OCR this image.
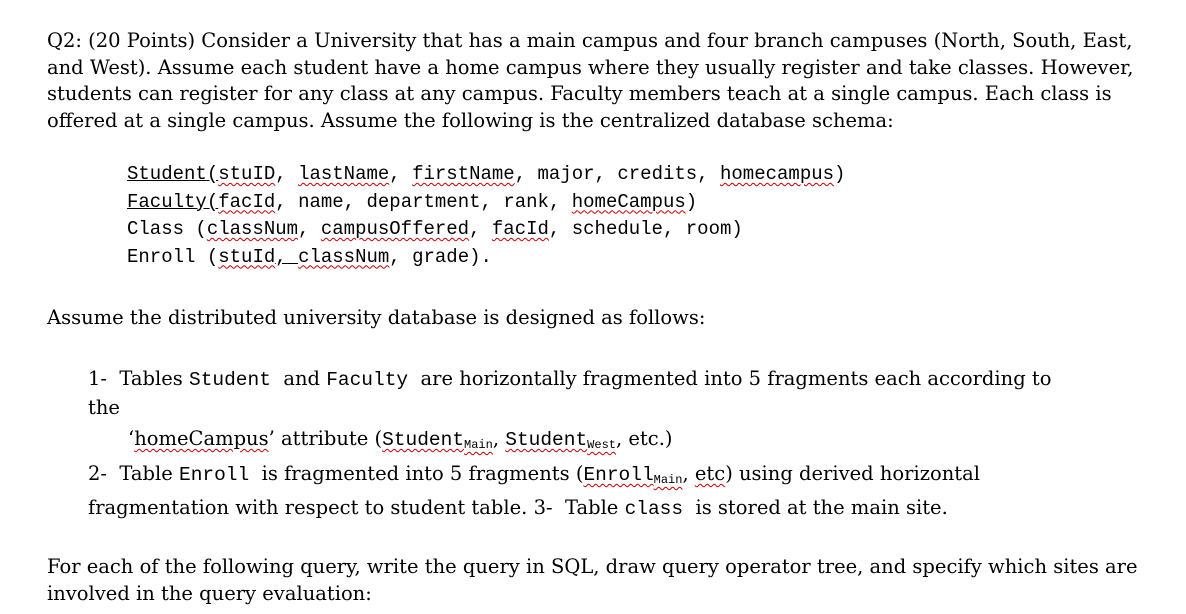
Q2: (20 Points) Consider a University that has a main campus and four branch campuses (North, South, East, and West). Assume each student have a home campus where they usually register and take classes. However, students can register for any class at any campus. Faculty members teach at a single campus. Each class is offered at a single campus. Assume the following is the centralized database schema:
Student(stuID, lastName, firstName, major, credits, homecampus)
Faculty(facId, name, department, rank, homeCampus)
Class (classNum, campusOffered, facId, schedule, room)
Enroll (stuId, classNum, grade).
Assume the distributed university database is designed as follows:
1- Tables Student and Faculty are horizontally fragmented into 5 fragments each according to the
‘homeCampus’ attribute (Student$_{Main}$, Student$_{West}$, etc.)
2- Table Enroll is fragmented into 5 fragments (Enroll$_{Main}$, etc) using derived horizontal fragmentation with respect to student table. 3- Table class is stored at the main site.
For each of the following query, write the query in SQL, draw query operator tree, and specify which sites are involved in the query evaluation:
